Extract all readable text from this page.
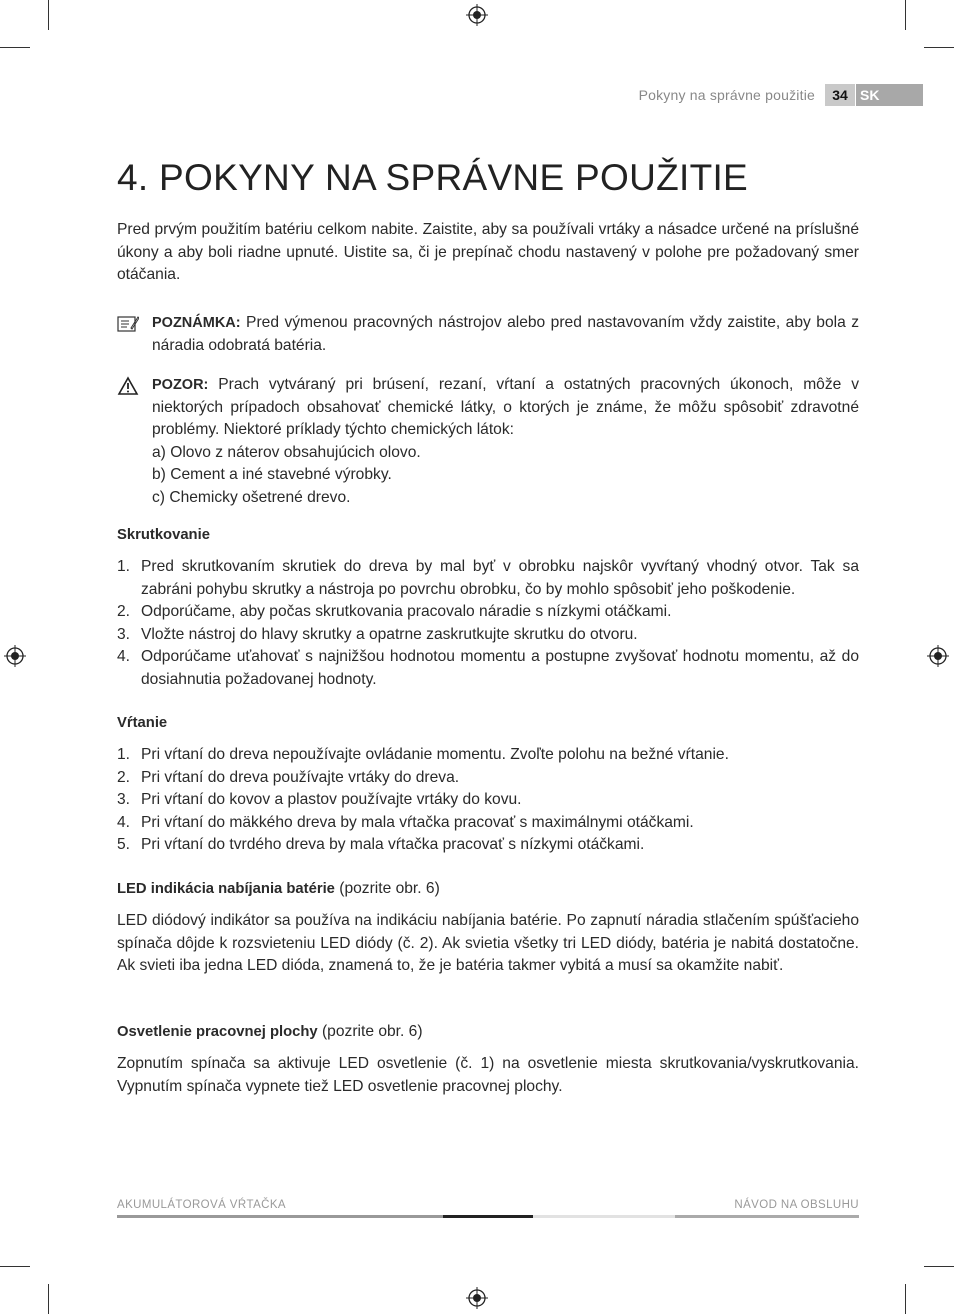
Pokyny na správne použitie	34 SK
4. POKYNY NA SPRÁVNE POUŽITIE

Pred prvým použitím batériu celkom nabite. Zaistite, aby sa používali vrtáky a násadce určené na príslušné úkony a aby boli riadne upnuté. Uistite sa, či je prepínač chodu nastavený v polohe pre požadovaný smer otáčania.

POZNÁMKA: Pred výmenou pracovných nástrojov alebo pred nastavovaním vždy zaistite, aby bola z náradia odobratá batéria.
POZOR: Prach vytváraný pri brúsení, rezaní, vŕtaní a ostatných pracovných úkonoch, môže v niektorých prípadoch obsahovať chemické látky, o ktorých je známe, že môžu spôsobiť zdravotné problémy. Niektoré príklady týchto chemických látok:
a) Olovo z náterov obsahujúcich olovo.
b) Cement a iné stavebné výrobky.
c) Chemicky ošetrené drevo.
Skrutkovanie
1. Pred skrutkovaním skrutiek do dreva by mal byť v obrobku najskôr vyvŕtaný vhodný otvor. Tak sa zabráni pohybu skrutky a nástroja po povrchu obrobku, čo by mohlo spôsobiť jeho poškodenie.
2. Odporúčame, aby počas skrutkovania pracovalo náradie s nízkymi otáčkami.
3. Vložte nástroj do hlavy skrutky a opatrne zaskrutkujte skrutku do otvoru.
4. Odporúčame uťahovať s najnižšou hodnotou momentu a postupne zvyšovať hodnotu momentu, až do dosiahnutia požadovanej hodnoty.
Vŕtanie
1. Pri vŕtaní do dreva nepoužívajte ovládanie momentu. Zvoľte polohu na bežné vŕtanie.
2. Pri vŕtaní do dreva používajte vrtáky do dreva.
3. Pri vŕtaní do kovov a plastov používajte vrtáky do kovu.
4. Pri vŕtaní do mäkkého dreva by mala vŕtačka pracovať s maximálnymi otáčkami.
5. Pri vŕtaní do tvrdého dreva by mala vŕtačka pracovať s nízkymi otáčkami.
LED indikácia nabíjania batérie (pozrite obr. 6)

LED diódový indikátor sa používa na indikáciu nabíjania batérie. Po zapnutí náradia stlačením spúšťacieho spínača dôjde k rozsvieteniu LED diódy (č. 2). Ak svietia všetky tri LED diódy, batéria je nabitá dostatočne. Ak svieti iba jedna LED dióda, znamená to, že je batéria takmer vybitá a musí sa okamžite nabiť.

Osvetlenie pracovnej plochy (pozrite obr. 6)

Zopnutím spínača sa aktivuje LED osvetlenie (č. 1) na osvetlenie miesta skrutkovania/vyskrutkovania. Vypnutím spínača vypnete tiež LED osvetlenie pracovnej plochy.

AKUMULÁTOROVÁ VŔTAČKA	NÁVOD NA OBSLUHU
